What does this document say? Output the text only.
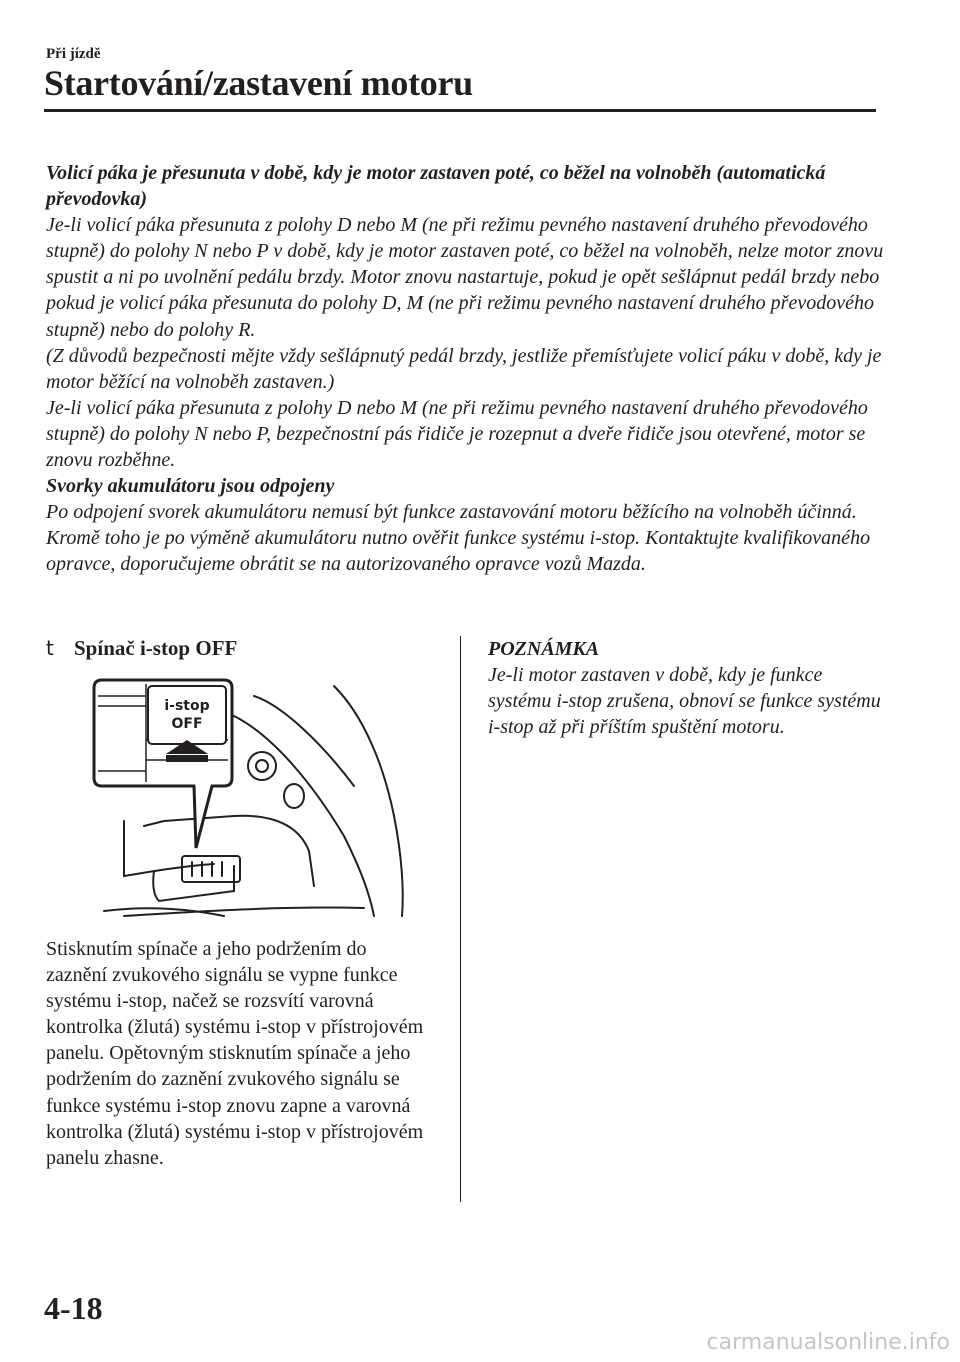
Při jízdě
Startování/zastavení motoru

Volicí páka je přesunuta v době, kdy je motor zastaven poté, co běžel na volnoběh (automatická převodovka)

Je-li volicí páka přesunuta z polohy D nebo M (ne při režimu pevného nastavení druhého převodového stupně) do polohy N nebo P v době, kdy je motor zastaven poté, co běžel na volnoběh, nelze motor znovu spustit a ni po uvolnění pedálu brzdy. Motor znovu nastartuje, pokud je opět sešlápnut pedál brzdy nebo pokud je volicí páka přesunuta do polohy D, M (ne při režimu pevného nastavení druhého převodového stupně) nebo do polohy R.

(Z důvodů bezpečnosti mějte vždy sešlápnutý pedál brzdy, jestliže přemísťujete volicí páku v době, kdy je motor běžící na volnoběh zastaven.)

Je-li volicí páka přesunuta z polohy D nebo M (ne při režimu pevného nastavení druhého převodového stupně) do polohy N nebo P, bezpečnostní pás řidiče je rozepnut a dveře řidiče jsou otevřené, motor se znovu rozběhne.

Svorky akumulátoru jsou odpojeny

Po odpojení svorek akumulátoru nemusí být funkce zastavování motoru běžícího na volnoběh účinná. Kromě toho je po výměně akumulátoru nutno ověřit funkce systému i-stop. Kontaktujte kvalifikovaného opravce, doporučujeme obrátit se na autorizovaného opravce vozů Mazda.

t Spínač i-stop OFF
i-stop
OFF

Stisknutím spínače a jeho podržením do zaznění zvukového signálu se vypne funkce systému i-stop, načež se rozsvítí varovná kontrolka (žlutá) systému i-stop v přístrojovém panelu. Opětovným stisknutím spínače a jeho podržením do zaznění zvukového signálu se funkce systému i-stop znovu zapne a varovná kontrolka (žlutá) systému i-stop v přístrojovém panelu zhasne.

POZNÁMKA

Je-li motor zastaven v době, kdy je funkce systému i-stop zrušena, obnoví se funkce systému i-stop až při příštím spuštění motoru.

4-18
carmanualsonline.info
